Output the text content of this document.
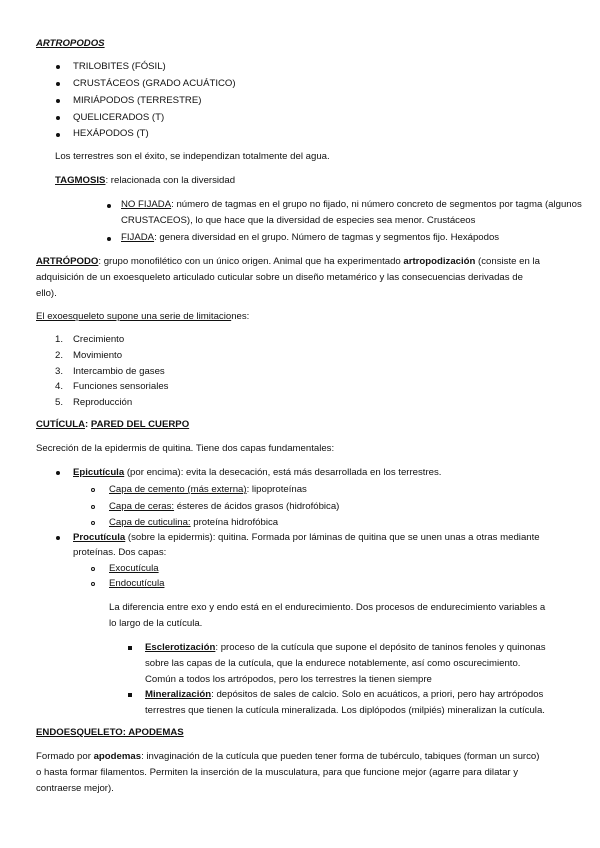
ARTROPODOS
TRILOBITES (FÓSIL)
CRUSTÁCEOS (GRADO ACUÁTICO)
MIRIÁPODOS (TERRESTRE)
QUELICERADOS (T)
HEXÁPODOS (T)
Los terrestres son el éxito, se independizan totalmente del agua.
TAGMOSIS: relacionada con la diversidad
NO FIJADA: número de tagmas en el grupo no fijado, ni número concreto de segmentos por tagma (algunos
CRUSTACEOS), lo que hace que la diversidad de especies sea menor. Crustáceos
FIJADA: genera diversidad en el grupo. Número de tagmas y segmentos fijo. Hexápodos
ARTRÓPODO: grupo monofilético con un único origen. Animal que ha experimentado artropodización (consiste en la
adquisición de un exoesqueleto articulado cuticular sobre un diseño metamérico y las consecuencias derivadas de
ello).
El exoesqueleto supone una serie de limitaciones:
1. Crecimiento
2. Movimiento
3. Intercambio de gases
4. Funciones sensoriales
5. Reproducción
CUTÍCULA: PARED DEL CUERPO
Secreción de la epidermis de quitina. Tiene dos capas fundamentales:
Epicutícula (por encima): evita la desecación, está más desarrollada en los terrestres.
Capa de cemento (más externa): lipoproteínas
Capa de ceras: ésteres de ácidos grasos (hidrofóbica)
Capa de cuticulina: proteína hidrofóbica
Procutícula (sobre la epidermis): quitina. Formada por láminas de quitina que se unen unas a otras mediante
proteínas. Dos capas:
Exocutícula
Endocutícula
La diferencia entre exo y endo está en el endurecimiento. Dos procesos de endurecimiento variables a
lo largo de la cutícula.
Esclerotización: proceso de la cutícula que supone el depósito de taninos fenoles y quinonas
sobre las capas de la cutícula, que la endurece notablemente, así como oscurecimiento.
Común a todos los artrópodos, pero los terrestres la tienen siempre
Mineralización: depósitos de sales de calcio. Solo en acuáticos, a priori, pero hay artrópodos
terrestres que tienen la cutícula mineralizada. Los diplópodos (milpiés) mineralizan la cutícula.
ENDOESQUELETO: APODEMAS
Formado por apodemas: invaginación de la cutícula que pueden tener forma de tubérculo, tabiques (forman un surco)
o hasta formar filamentos. Permiten la inserción de la musculatura, para que funcione mejor (agarre para dilatar y
contraerse mejor).
